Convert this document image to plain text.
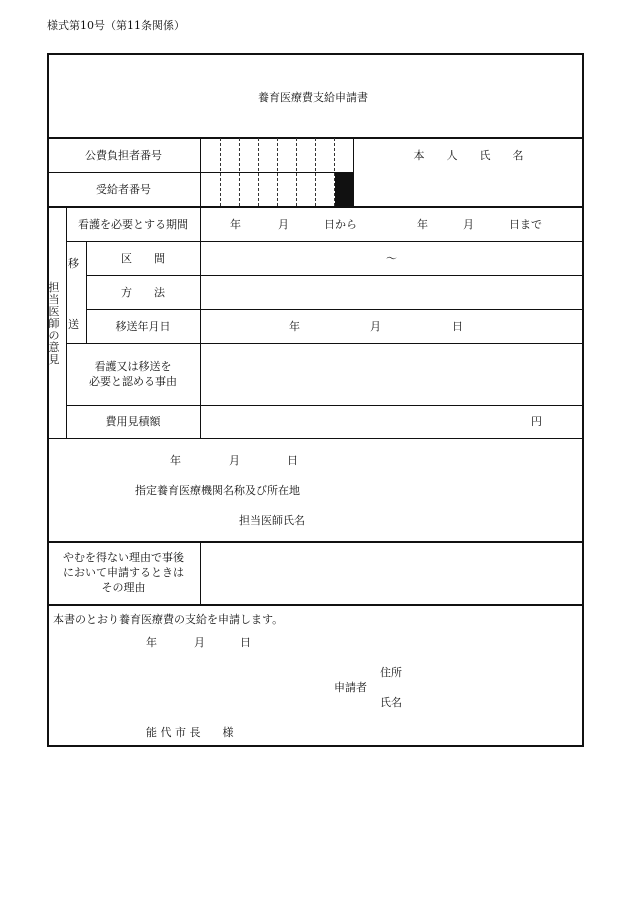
様式第10号（第11条関係）
養育医療費支給申請書
公費負担者番号	本　　人　　氏　　名
受給者番号
担
当
医
師
の
意
見
看護を必要とする期間	年	月	日から	年	月	日まで
移
送
区　　間	～
方　　法
移送年月日	年	月	日
看護又は移送を
必要と認める事由
費用見積額	円
年	月	日
指定養育医療機関名称及び所在地
担当医師氏名
やむを得ない理由で事後
において申請するときは
その理由
本書のとおり養育医療費の支給を申請します。
年	月	日
住所
申請者
氏名
能 代 市 長　　様
